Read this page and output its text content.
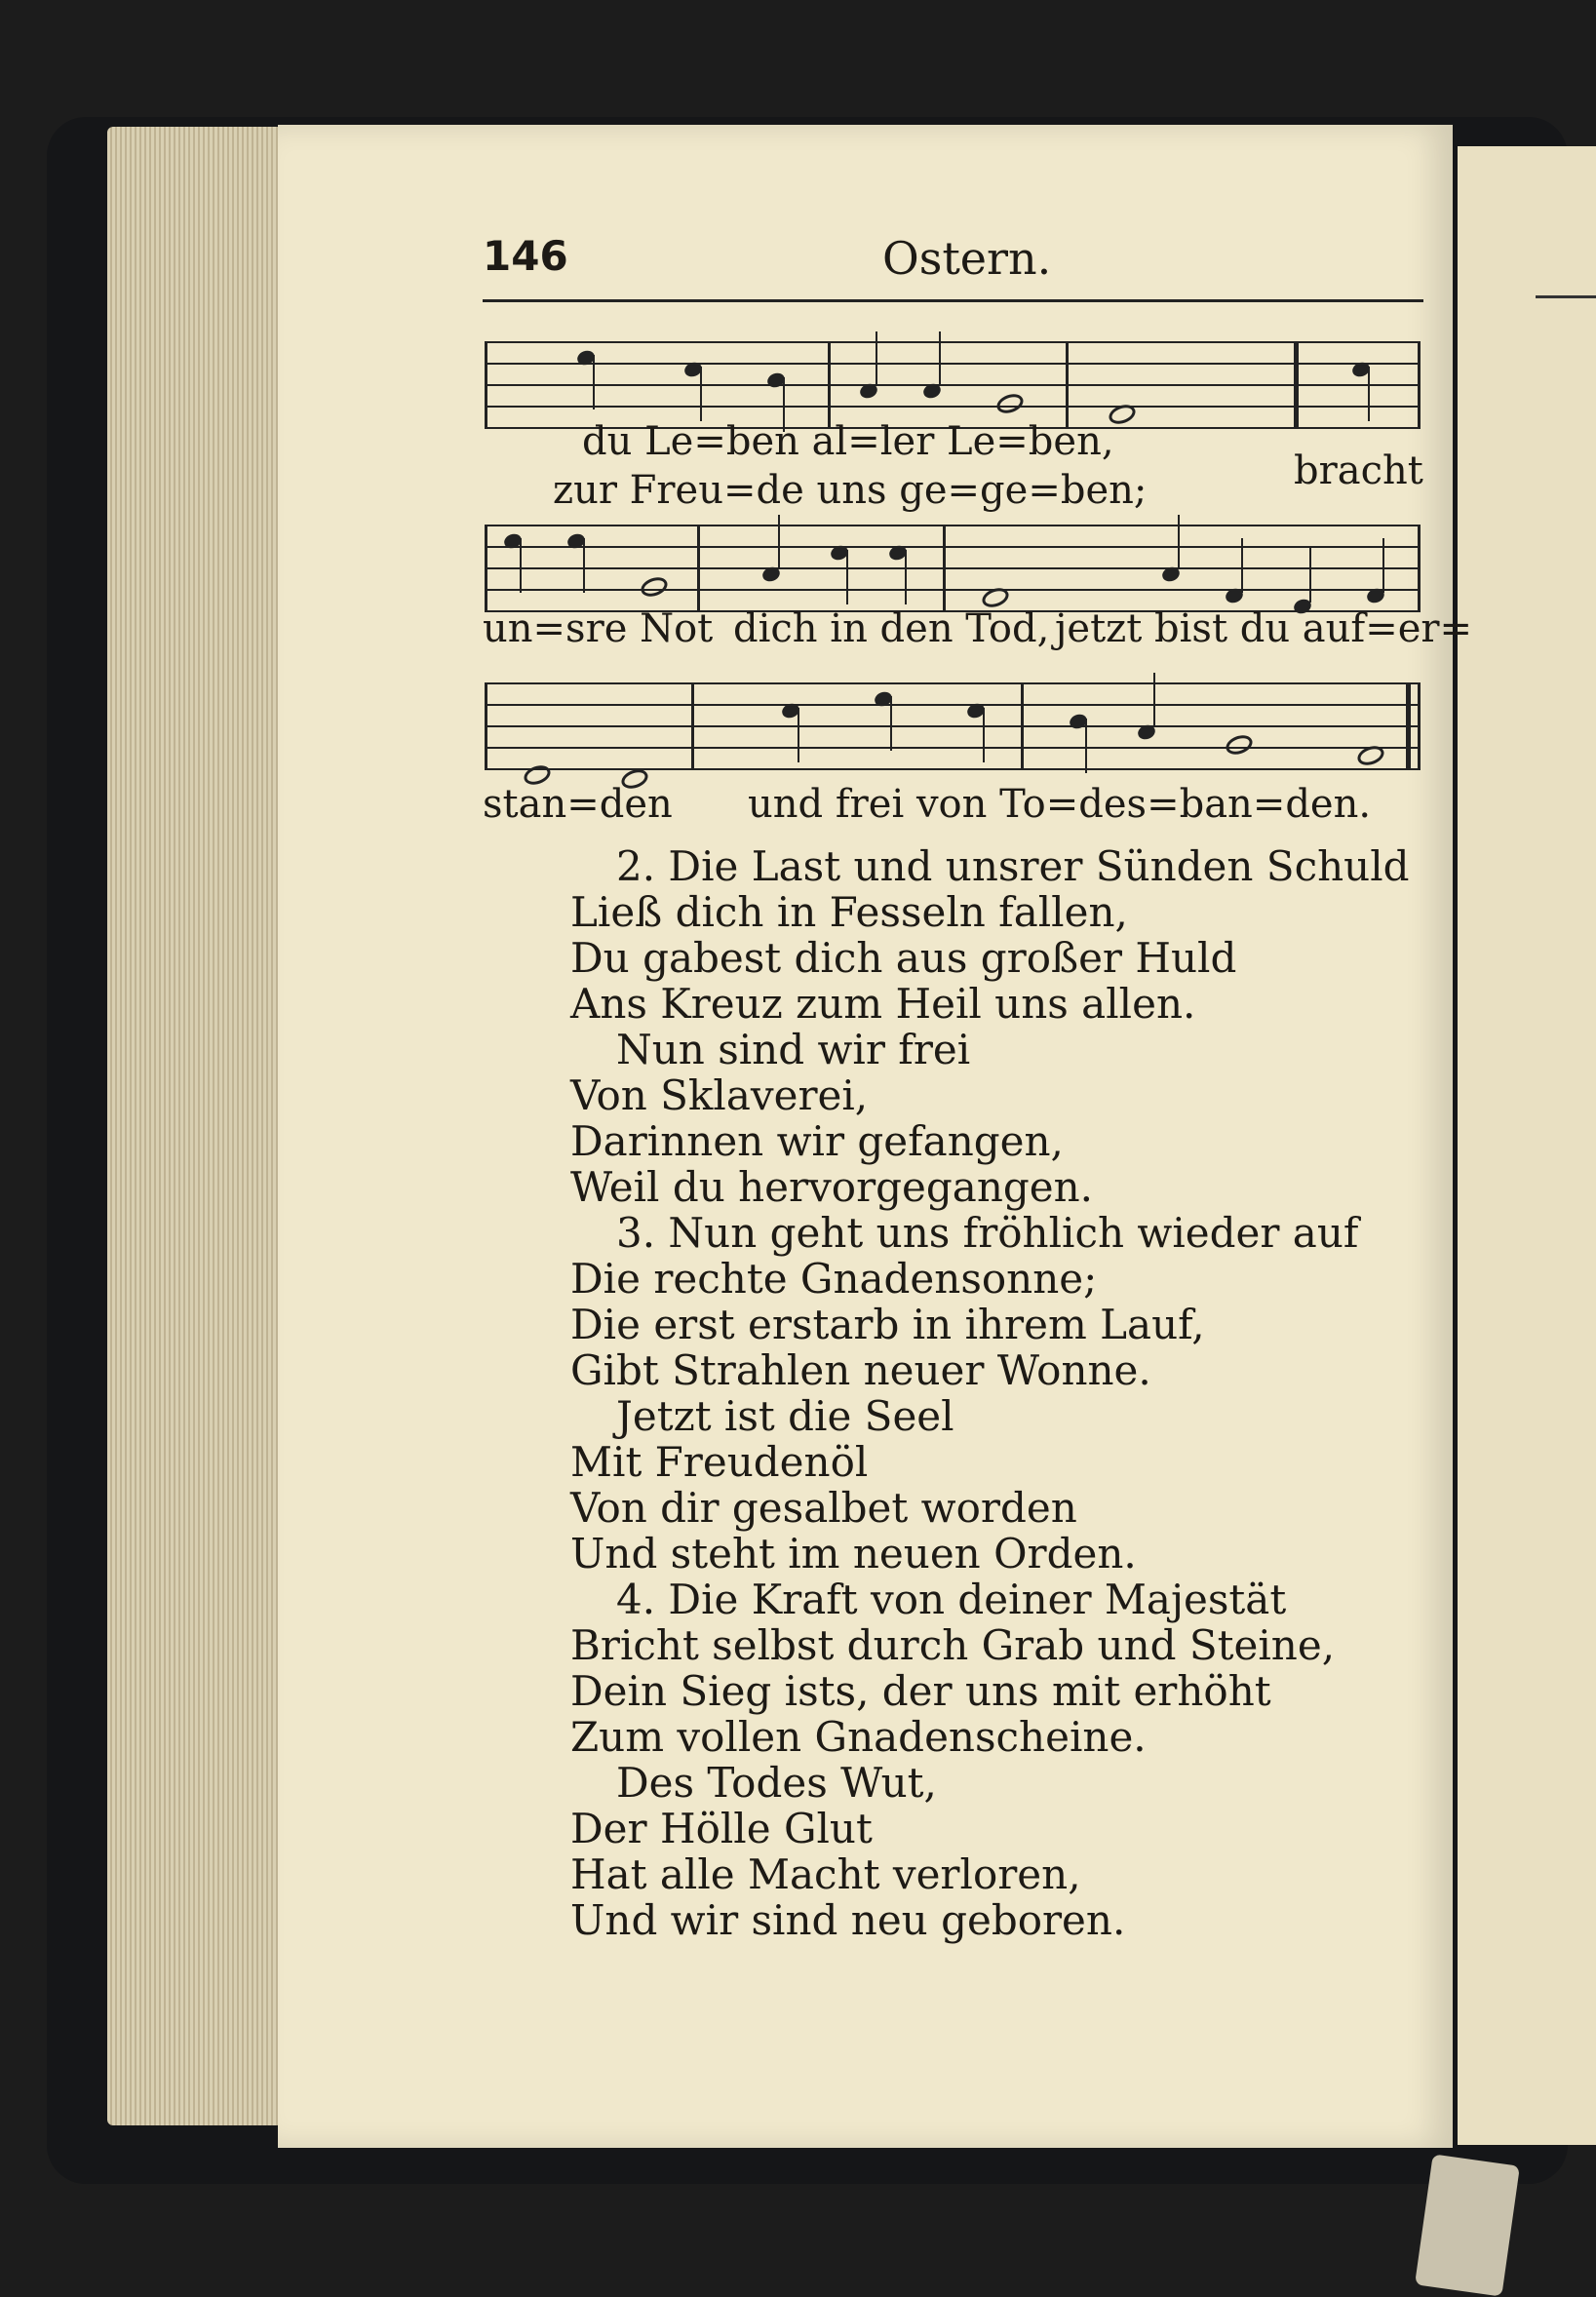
146	Ostern.
du Le=ben al=ler Le=ben,
zur Freu=de uns ge=ge=ben;	bracht
un=sre Not dich in den Tod, jetzt bist du auf=er=
stan=den und frei von To=des=ban=den.
2. Die Last und unsrer Sünden Schuld
Ließ dich in Fesseln fallen,
Du gabest dich aus großer Huld
Ans Kreuz zum Heil uns allen.
Nun sind wir frei
Von Sklaverei,
Darinnen wir gefangen,
Weil du hervorgegangen.
3. Nun geht uns fröhlich wieder auf
Die rechte Gnadensonne;
Die erst erstarb in ihrem Lauf,
Gibt Strahlen neuer Wonne.
Jetzt ist die Seel
Mit Freudenöl
Von dir gesalbet worden
Und steht im neuen Orden.
4. Die Kraft von deiner Majestät
Bricht selbst durch Grab und Steine,
Dein Sieg ists, der uns mit erhöht
Zum vollen Gnadenscheine.
Des Todes Wut,
Der Hölle Glut
Hat alle Macht verloren,
Und wir sind neu geboren.
